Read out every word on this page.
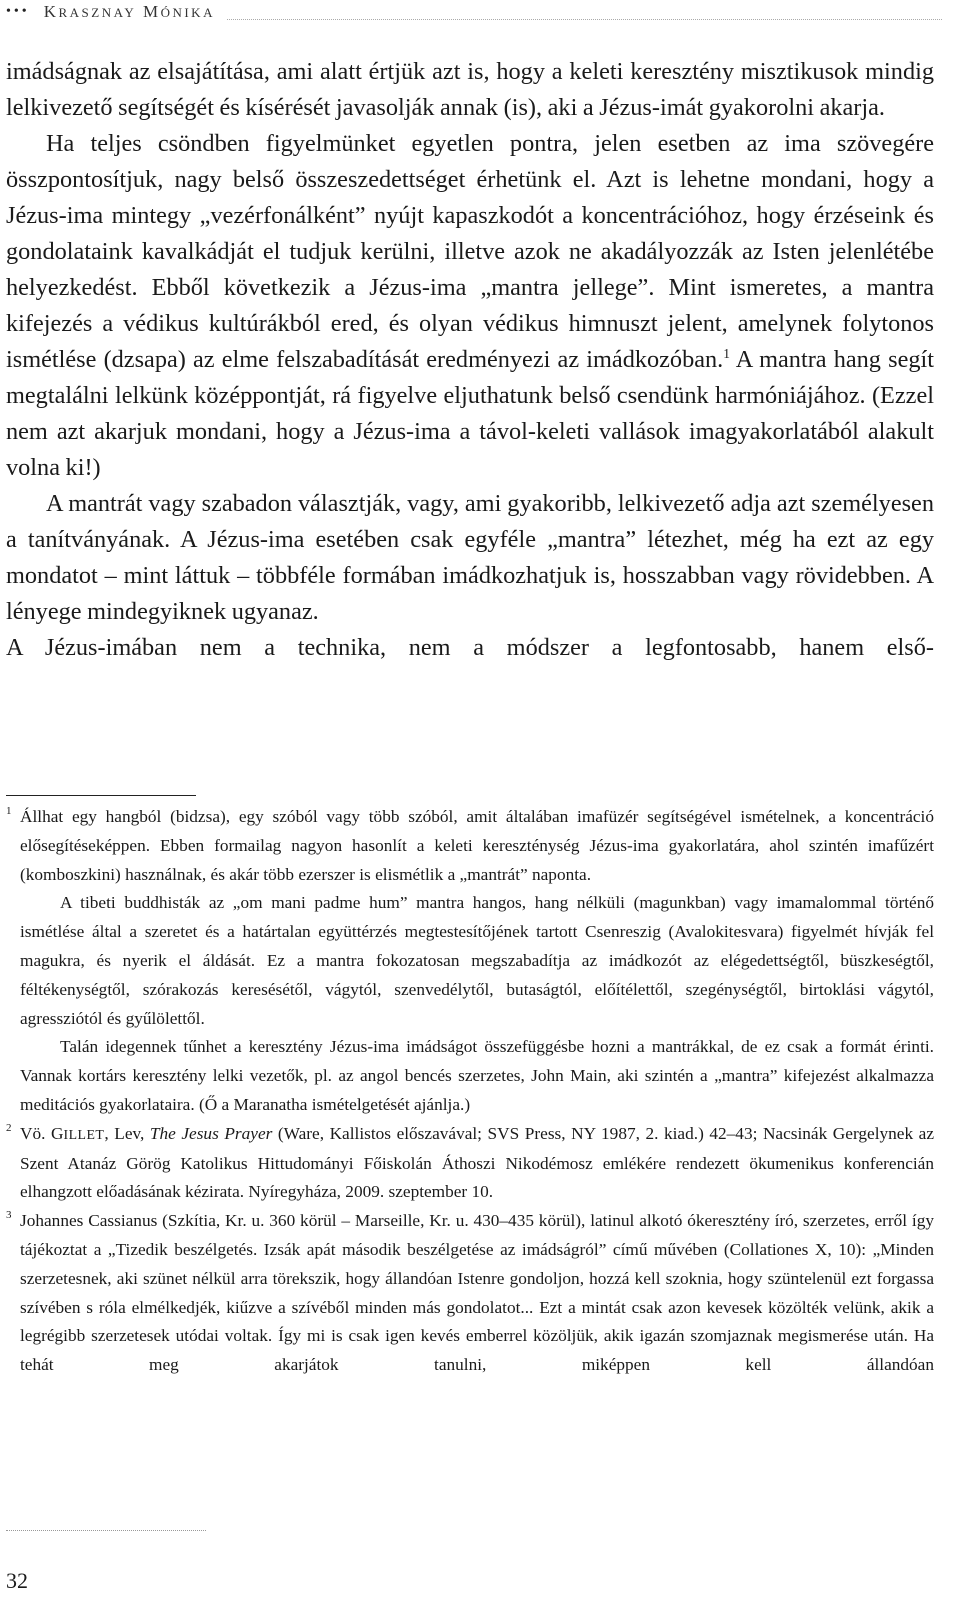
••• KRASZNAY MÓNIKA

imádságnak az elsajátítása, ami alatt értjük azt is, hogy a keleti keresztény misztikusok mindig lelkivezető segítségét és kísérését javasolják annak (is), aki a Jézus-imát gyakorolni akarja.

Ha teljes csöndben figyelmünket egyetlen pontra, jelen esetben az ima szövegére összpontosítjuk, nagy belső összeszedettséget érhetünk el. Azt is lehetne mondani, hogy a Jézus-ima mintegy „vezérfonálként” nyújt kapaszkodót a koncentrációhoz, hogy érzéseink és gondolataink kavalkádját el tudjuk kerülni, illetve azok ne akadályozzák az Isten jelenlétébe helyezkedést. Ebből következik a Jézus-ima „mantra jellege”. Mint ismeretes, a mantra kifejezés a védikus kultúrákból ered, és olyan védikus himnuszt jelent, amelynek folytonos ismétlése (dzsapa) az elme felszabadítását eredményezi az imádkozóban.$^1$ A mantra hang segít megtalálni lelkünk középpontját, rá figyelve eljuthatunk belső csendünk harmóniájához. (Ezzel nem azt akarjuk mondani, hogy a Jézus-ima a távol-keleti vallások imagyakorlatából alakult volna ki!)

A mantrát vagy szabadon választják, vagy, ami gyakoribb, lelkivezető adja azt személyesen a tanítványának. A Jézus-ima esetében csak egyféle „mantra” létezhet, még ha ezt az egy mondatot – mint láttuk – többféle formában imádkozhatjuk is, hosszabban vagy rövidebben. A lényege mindegyiknek ugyanaz.

A Jézus-imában nem a technika, nem a módszer a legfontosabb, hanem első-

1 Állhat egy hangból (bidzsa), egy szóból vagy több szóból, amit általában imafüzér segítségével ismételnek, a koncentráció elősegítéseképpen. Ebben formailag nagyon hasonlít a keleti kereszténység Jézus-ima gyakorlatára, ahol szintén imafűzért (komboszkini) használnak, és akár több ezerszer is elismétlik a „mantrát” naponta.

A tibeti buddhisták az „om mani padme hum” mantra hangos, hang nélküli (magunkban) vagy imamalommal történő ismétlése által a szeretet és a határtalan együttérzés megtestesítőjének tartott Csenreszig (Avalokitesvara) figyelmét hívják fel magukra, és nyerik el áldását. Ez a mantra fokozatosan megszabadítja az imádkozót az elégedettségtől, büszkeségtől, féltékenységtől, szórakozás keresésétől, vágytól, szenvedélytől, butaságtól, előítélettől, szegénységtől, birtoklási vágytól, agressziótól és gyűlölettől.

Talán idegennek tűnhet a keresztény Jézus-ima imádságot összefüggésbe hozni a mantrákkal, de ez csak a formát érinti. Vannak kortárs keresztény lelki vezetők, pl. az angol bencés szerzetes, John Main, aki szintén a „mantra” kifejezést alkalmazza meditációs gyakorlataira. (Ő a Maranatha ismételgetését ajánlja.)

2 Vö. GILLET, Lev, The Jesus Prayer (Ware, Kallistos előszavával; SVS Press, NY 1987, 2. kiad.) 42–43; Nacsinák Gergelynek az Szent Atanáz Görög Katolikus Hittudományi Főiskolán Áthoszi Nikodémosz emlékére rendezett ökumenikus konferencián elhangzott előadásának kézirata. Nyíregyháza, 2009. szeptember 10.

3 Johannes Cassianus (Szkítia, Kr. u. 360 körül – Marseille, Kr. u. 430–435 körül), latinul alkotó ókeresztény író, szerzetes, erről így tájékoztat a „Tizedik beszélgetés. Izsák apát második beszélgetése az imádságról” című művében (Collationes X, 10): „Minden szerzetesnek, aki szünet nélkül arra törekszik, hogy állandóan Istenre gondoljon, hozzá kell szoknia, hogy szüntelenül ezt forgassa szívében s róla elmélkedjék, kiűzve a szívéből minden más gondolatot... Ezt a mintát csak azon kevesek közölték velünk, akik a legrégibb szerzetesek utódai voltak. Így mi is csak igen kevés emberrel közöljük, akik igazán szomjaznak megismerése után. Ha tehát meg akarjátok tanulni, miképpen kell állandóan

32
